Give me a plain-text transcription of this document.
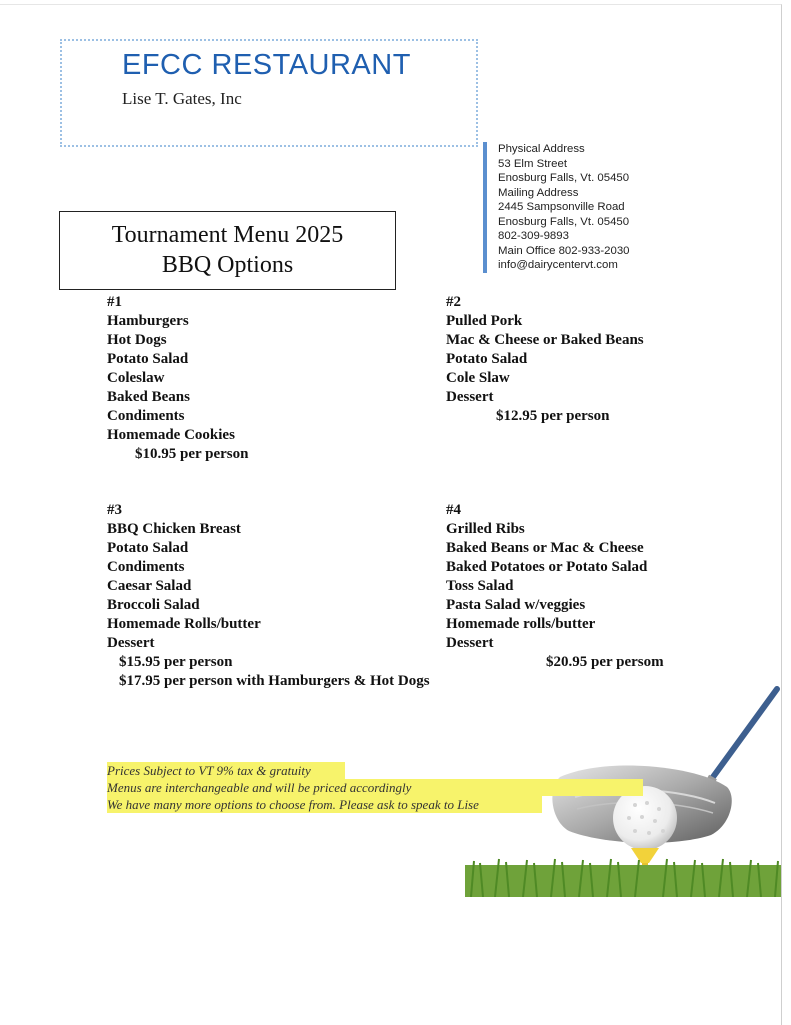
EFCC RESTAURANT
Lise T. Gates, Inc
Physical Address
53 Elm Street
Enosburg Falls, Vt. 05450
Mailing Address
2445 Sampsonville Road
Enosburg Falls, Vt. 05450
802-309-9893
Main Office 802-933-2030
info@dairycentervt.com
Tournament Menu 2025
BBQ Options
#1
Hamburgers
Hot Dogs
Potato Salad
Coleslaw
Baked Beans
Condiments
Homemade Cookies
$10.95 per person
#2
Pulled Pork
Mac & Cheese or Baked Beans
Potato Salad
Cole Slaw
Dessert
$12.95 per person
#3
BBQ Chicken Breast
Potato Salad
Condiments
Caesar Salad
Broccoli Salad
Homemade Rolls/butter
Dessert
$15.95 per person
$17.95 per person with Hamburgers & Hot Dogs
#4
Grilled Ribs
Baked Beans or Mac & Cheese
Baked Potatoes or Potato Salad
Toss Salad
Pasta Salad w/veggies
Homemade rolls/butter
Dessert
$20.95 per persom
Prices Subject to VT 9% tax & gratuity
Menus are interchangeable and will be priced accordingly
We have many more options to choose from. Please ask to speak to Lise
